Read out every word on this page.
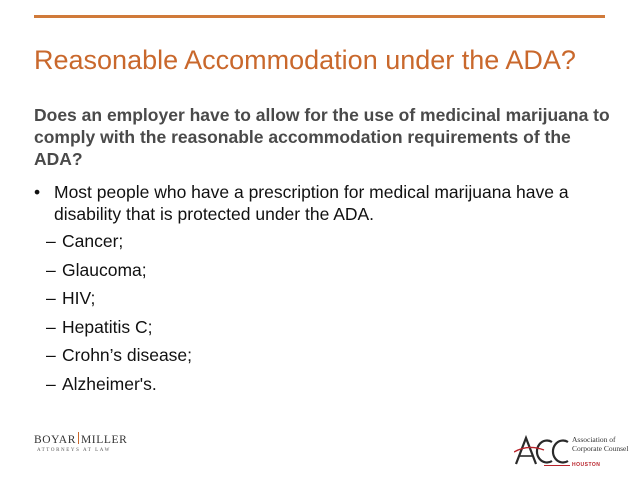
Reasonable Accommodation under the ADA?

Does an employer have to allow for the use of medicinal marijuana to comply with the reasonable accommodation requirements of the ADA?

• Most people who have a prescription for medical marijuana have a disability that is protected under the ADA.
– Cancer;
– Glaucoma;
– HIV;
– Hepatitis C;
– Crohn’s disease;
– Alzheimer's.
BOYAR MILLER
ATTORNEYS AT LAW
Association of
Corporate Counsel
HOUSTON
